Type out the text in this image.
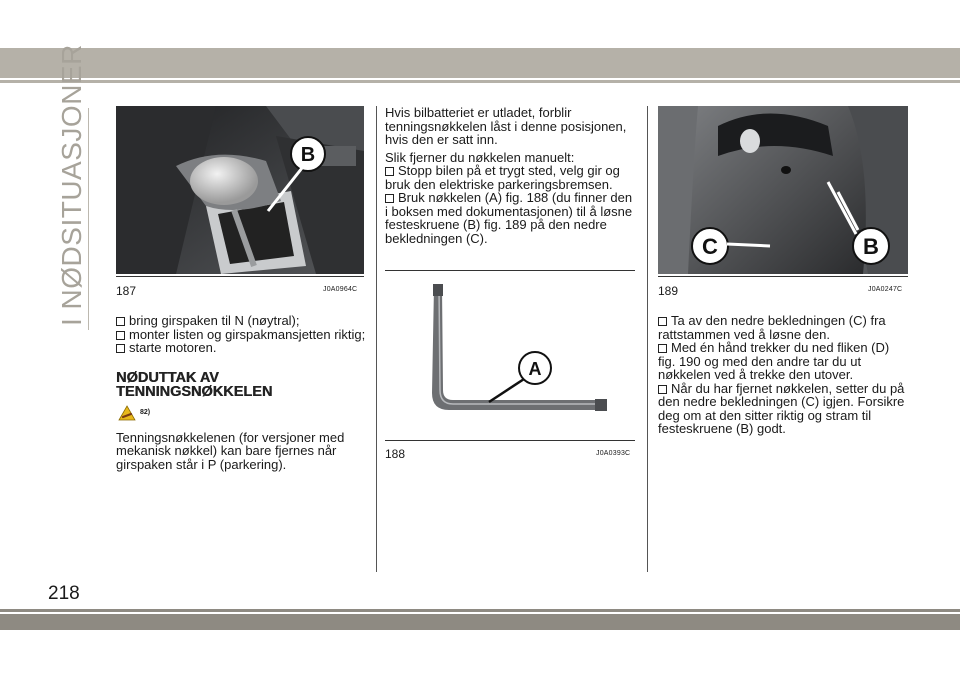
I NØDSITUASJONER	B
187	J0A0964C
bring girspaken til N (nøytral);
monter listen og girspakmansjetten riktig;
starte motoren.
NØDUTTAK AV TENNINGSNØKKELEN
82)

Tenningsnøkkelenen (for versjoner med mekanisk nøkkel) kan bare fjernes når girspaken står i P (parkering).

Hvis bilbatteriet er utladet, forblir tenningsnøkkelen låst i denne posisjonen, hvis den er satt inn.

Slik fjerner du nøkkelen manuelt:

Stopp bilen på et trygt sted, velg gir og bruk den elektriske parkeringsbremsen.
Bruk nøkkelen (A) fig. 188 (du finner den i boksen med dokumentasjonen) til å løsne festeskruene (B) fig. 189 på den nedre bekledningen (C).
A
188	J0A0393C
C	B
189	J0A0247C
Ta av den nedre bekledningen (C) fra rattstammen ved å løsne den.
Med én hånd trekker du ned fliken (D) fig. 190 og med den andre tar du ut nøkkelen ved å trekke den utover.
Når du har fjernet nøkkelen, setter du på den nedre bekledningen (C) igjen. Forsikre deg om at den sitter riktig og stram til festeskruene (B) godt.
218
